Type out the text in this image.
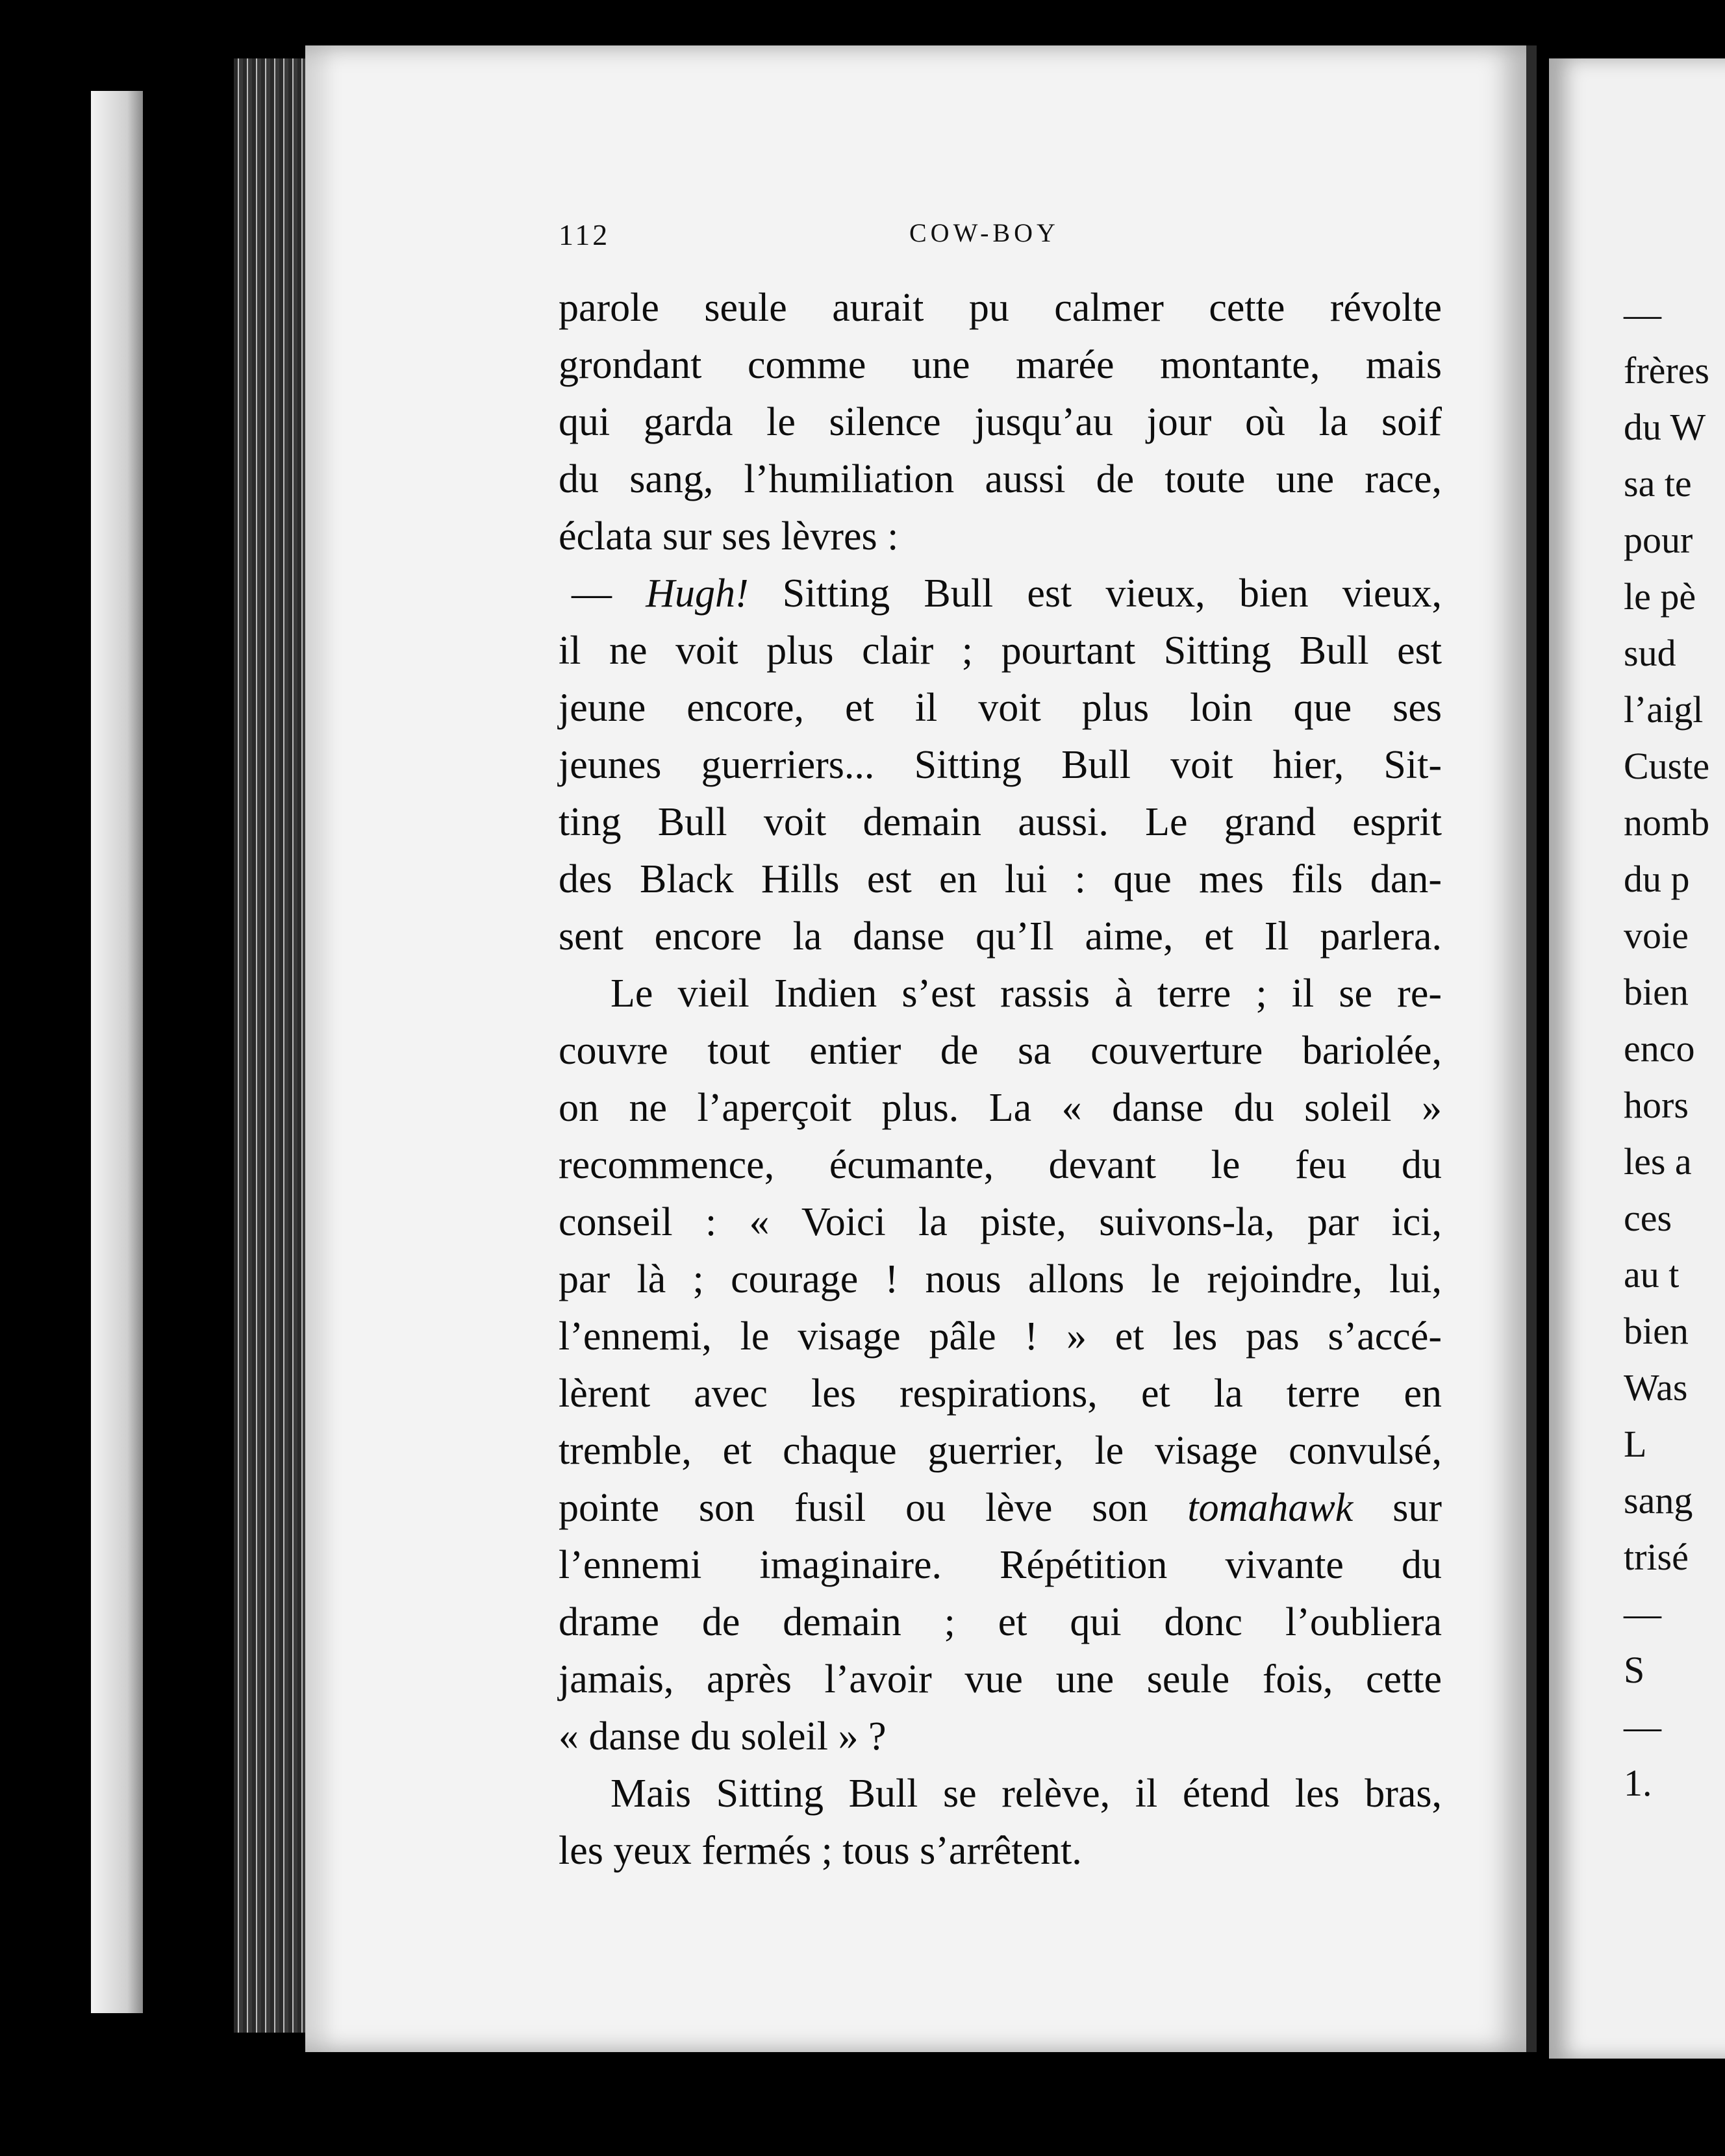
112	COW-BOY
parole seule aurait pu calmer cette révolte
grondant comme une marée montante, mais
qui garda le silence jusqu’au jour où la soif
du sang, l’humiliation aussi de toute une race,
éclata sur ses lèvres :
— Hugh! Sitting Bull est vieux, bien vieux,
il ne voit plus clair ; pourtant Sitting Bull est
jeune encore, et il voit plus loin que ses
jeunes guerriers... Sitting Bull voit hier, Sit-
ting Bull voit demain aussi. Le grand esprit
des Black Hills est en lui : que mes fils dan-
sent encore la danse qu’Il aime, et Il parlera.
Le vieil Indien s’est rassis à terre ; il se re-
couvre tout entier de sa couverture bariolée,
on ne l’aperçoit plus. La « danse du soleil »
recommence, écumante, devant le feu du
conseil : « Voici la piste, suivons-la, par ici,
par là ; courage ! nous allons le rejoindre, lui,
l’ennemi, le visage pâle ! » et les pas s’accé-
lèrent avec les respirations, et la terre en
tremble, et chaque guerrier, le visage convulsé,
pointe son fusil ou lève son tomahawk sur
l’ennemi imaginaire. Répétition vivante du
drame de demain ; et qui donc l’oubliera
jamais, après l’avoir vue une seule fois, cette
« danse du soleil » ?
Mais Sitting Bull se relève, il étend les bras,
les yeux fermés ; tous s’arrêtent.
—
frères
du W
sa te
pour
le pè
sud
l’aigl
Custe
nomb
du p
voie
bien
enco
hors
les a
ces
au t
bien
Was
L
sang
trisé
—
S
—
1.
